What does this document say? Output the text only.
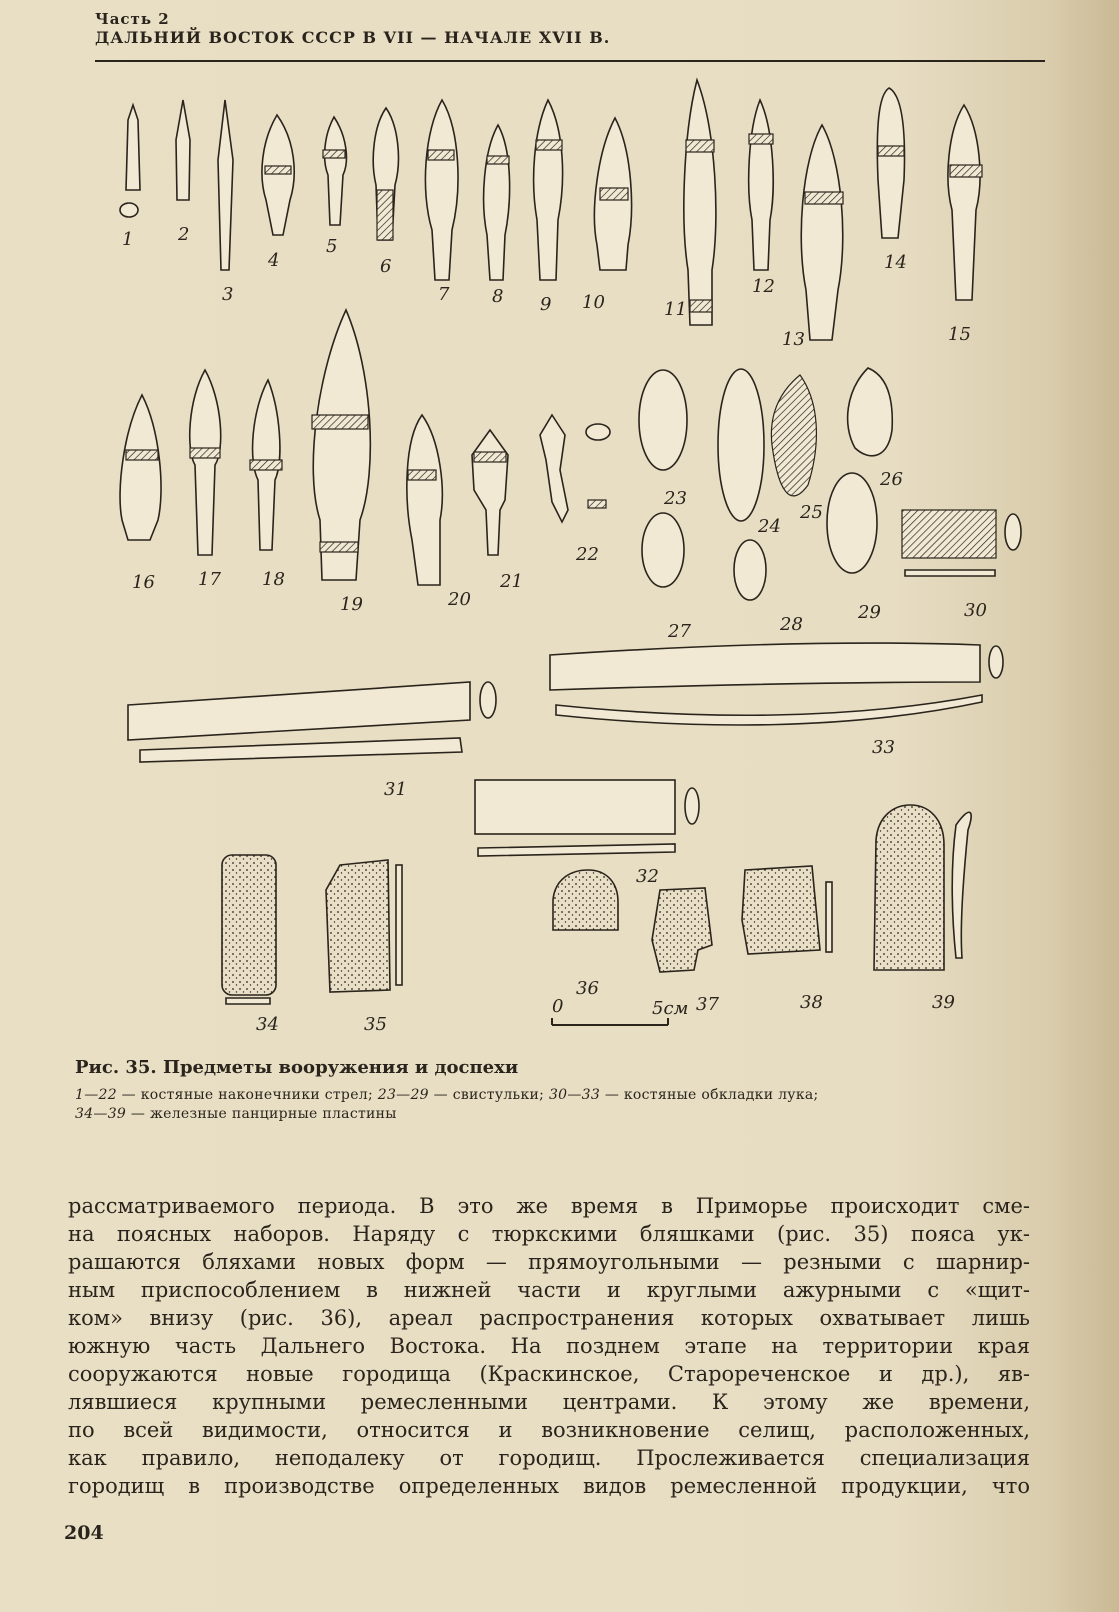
Часть 2
ДАЛЬНИЙ ВОСТОК СССР В VII — НАЧАЛЕ XVII В.
1 2
3
4
5
6
7 8 9 10	11
12
13
14
15
16 17 18
19	20
21
22
23
24
25
26
27	28
29	30
31
32
33
34	35
36
37	38	39
0	5см
Рис. 35. Предметы вооружения и доспехи
1—22 — костяные наконечники стрел; 23—29 — свистульки; 30—33 — костяные обкладки лука;
34—39 — железные панцирные пластины

рассматриваемого периода. В это же время в Приморье происходит сме-

на поясных наборов. Наряду с тюркскими бляшками (рис. 35) пояса ук-

рашаются бляхами новых форм — прямоугольными — резными с шарнир-

ным приспособлением в нижней части и круглыми ажурными с «щит-

ком» внизу (рис. 36), ареал распространения которых охватывает лишь

южную часть Дальнего Востока. На позднем этапе на территории края

сооружаются новые городища (Краскинское, Старореченское и др.), яв-

лявшиеся крупными ремесленными центрами. К этому же времени,

по всей видимости, относится и возникновение селищ, расположенных,

как правило, неподалеку от городищ. Прослеживается специализация

городищ в производстве определенных видов ремесленной продукции, что

204
